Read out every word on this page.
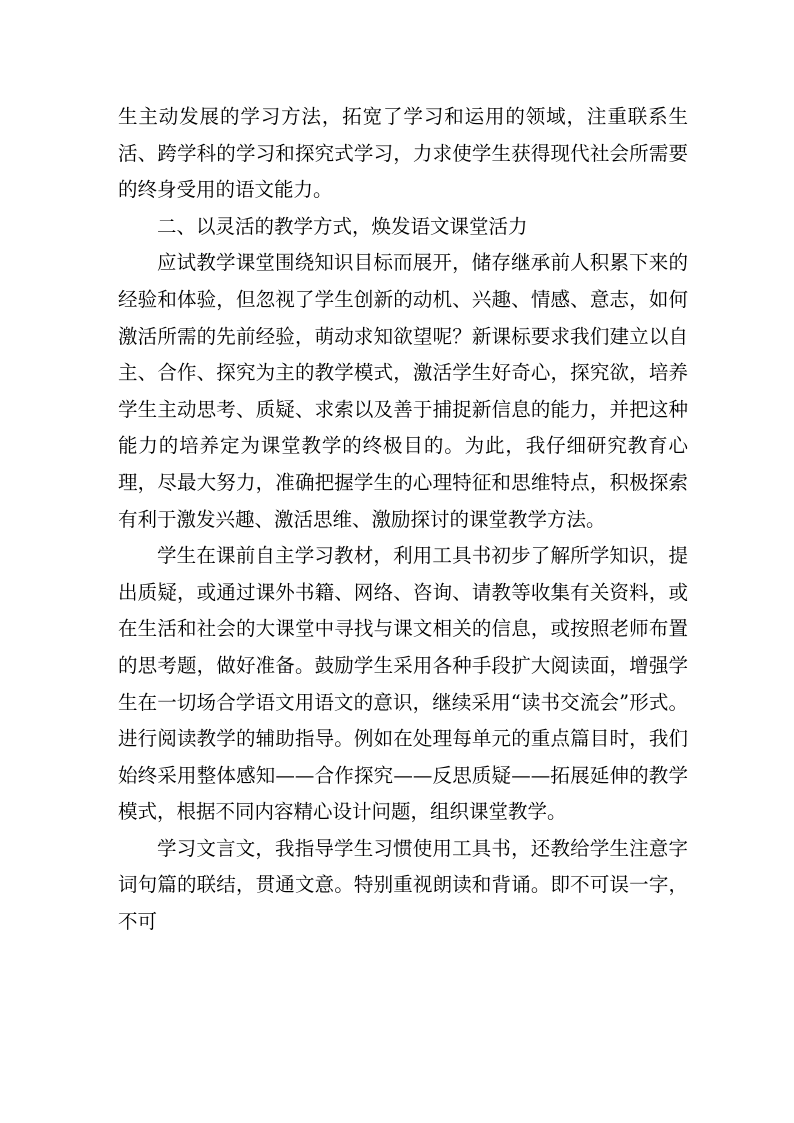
生主动发展的学习方法，拓宽了学习和运用的领域，注重联系生活、跨学科的学习和探究式学习，力求使学生获得现代社会所需要的终身受用的语文能力。

二、以灵活的教学方式，焕发语文课堂活力

应试教学课堂围绕知识目标而展开，储存继承前人积累下来的经验和体验，但忽视了学生创新的动机、兴趣、情感、意志，如何激活所需的先前经验，萌动求知欲望呢？新课标要求我们建立以自主、合作、探究为主的教学模式，激活学生好奇心，探究欲，培养学生主动思考、质疑、求索以及善于捕捉新信息的能力，并把这种能力的培养定为课堂教学的终极目的。为此，我仔细研究教育心理，尽最大努力，准确把握学生的心理特征和思维特点，积极探索有利于激发兴趣、激活思维、激励探讨的课堂教学方法。

学生在课前自主学习教材，利用工具书初步了解所学知识，提出质疑，或通过课外书籍、网络、咨询、请教等收集有关资料，或在生活和社会的大课堂中寻找与课文相关的信息，或按照老师布置的思考题，做好准备。鼓励学生采用各种手段扩大阅读面，增强学生在一切场合学语文用语文的意识，继续采用“读书交流会”形式。进行阅读教学的辅助指导。例如在处理每单元的重点篇目时，我们始终采用整体感知——合作探究——反思质疑——拓展延伸的教学模式，根据不同内容精心设计问题，组织课堂教学。

学习文言文，我指导学生习惯使用工具书，还教给学生注意字词句篇的联结，贯通文意。特别重视朗读和背诵。即不可误一字，不可
